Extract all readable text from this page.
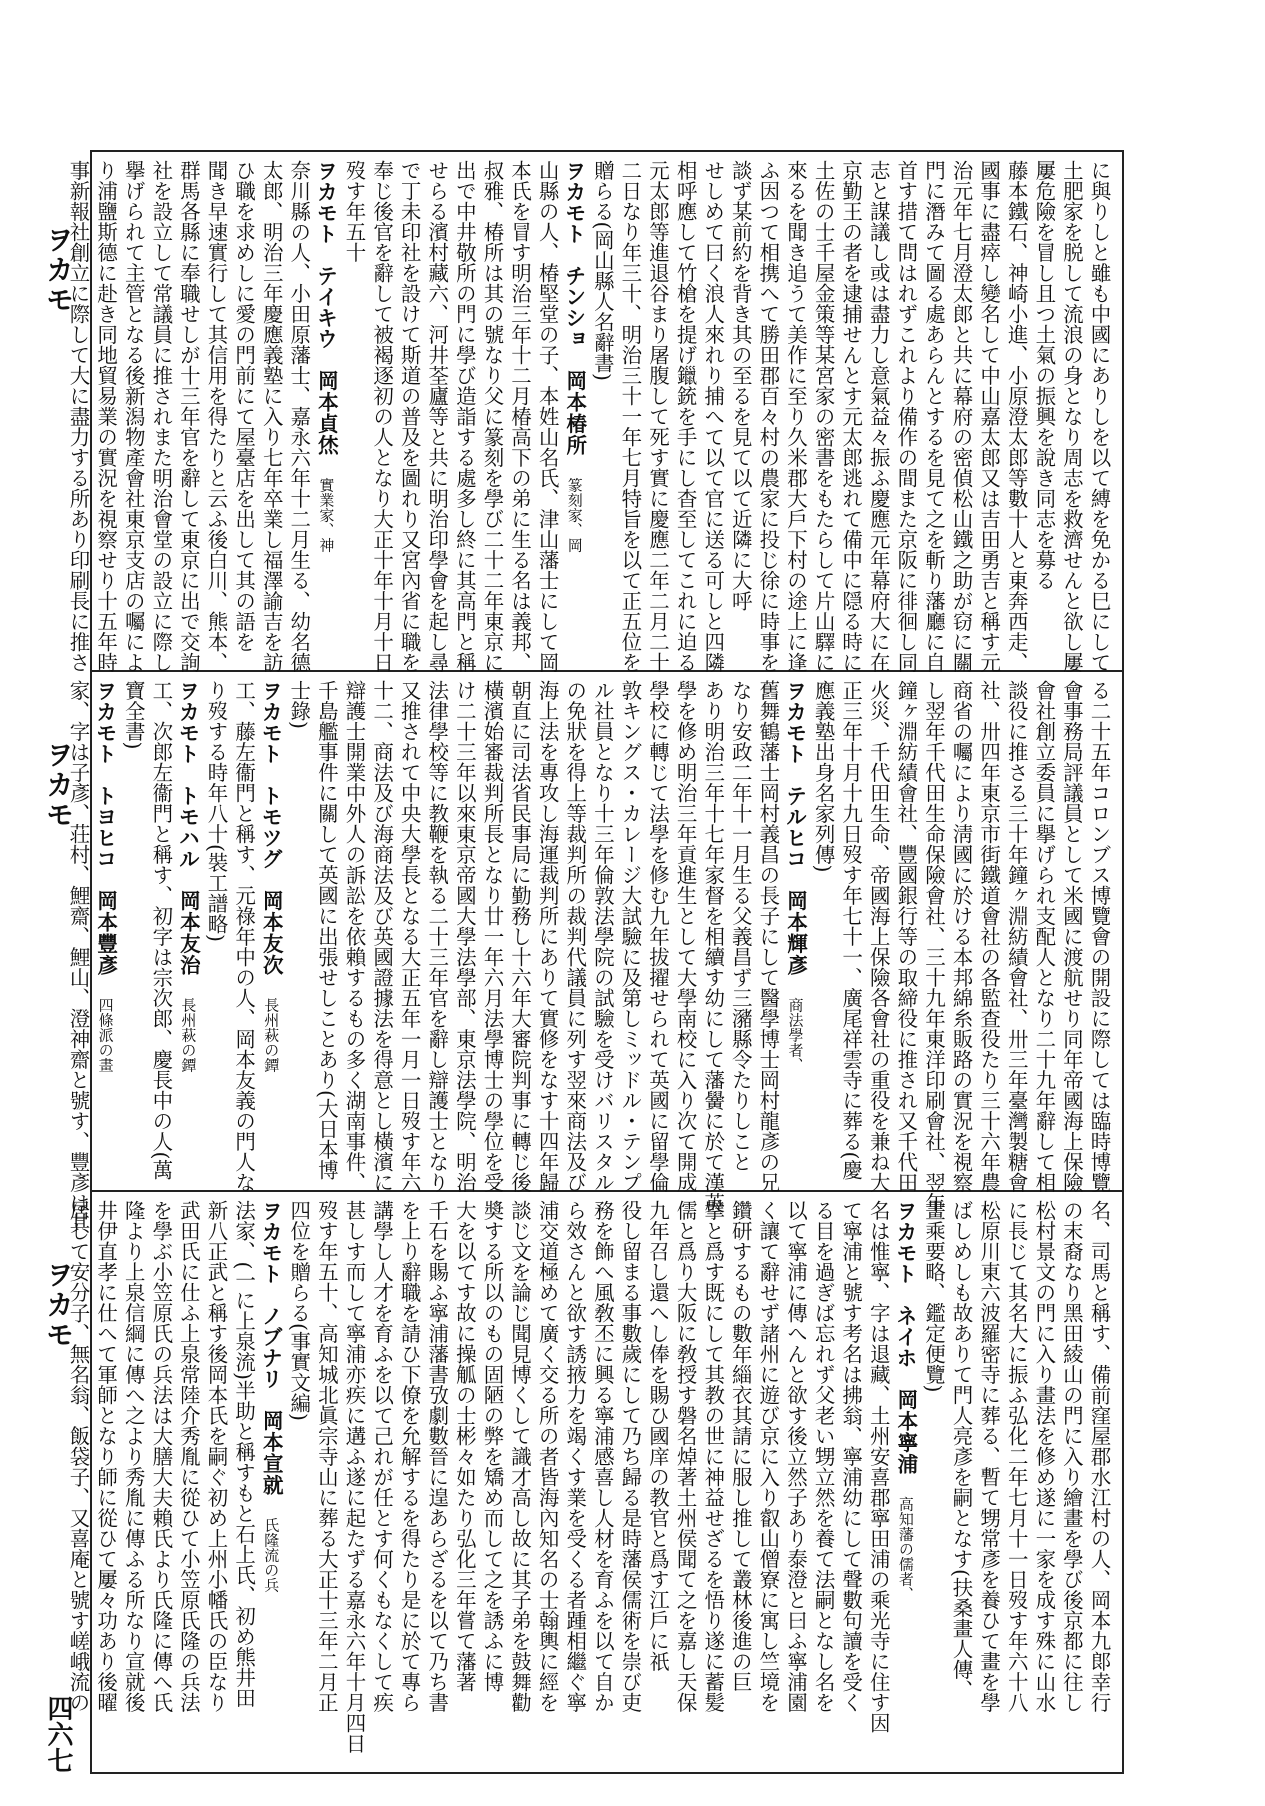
ヲカモ
ヲカモ
ヲカモ
四六七
に與りしと雖も中國にありしを以て縛を免かる巳にして
土肥家を脱して流浪の身となり周志を救濟せんと欲し屢
屢危險を冒し且つ土氣の振興を說き同志を募る
藤本鐵石、神崎小進、小原澄太郎等數十人と東奔西走、
國事に盡瘁し變名して中山嘉太郎又は吉田勇吉と稱す元
治元年七月澄太郎と共に幕府の密偵松山鐵之助が窃に關
門に潛みて圖る處あらんとするを見て之を斬り藩廳に自
首す措て問はれずこれより備作の間また京阪に徘徊し同
志と謀議し或は盡力し意氣益々振ふ慶應元年幕府大に在
京勤王の者を逮捕せんとす元太郎逃れて備中に隠る時に
土佐の士千屋金策等某宮家の密書をもたらして片山驛に
來るを聞き追うて美作に至り久米郡大戶下村の途上に逢
ふ因つて相携へて勝田郡百々村の農家に投じ徐に時事を
談ず某前約を背き其の至るを見て以て近隣に大呼
せしめて曰く浪人來れり捕へて以て官に送る可しと四隣
相呼應して竹槍を提げ鑞銃を手にし杳至してこれに迫る
元太郎等進退谷まり屠腹して死す實に慶應二年二月二十
二日なり年三十、明治三十一年七月特旨を以て正五位を
贈らる(岡山縣人名辭書)
ヲカモト　チンショ　岡本椿所　篆刻家、岡
山縣の人、椿堅堂の子、本姓山名氏、津山藩士にして岡
本氏を冒す明治三年十二月椿高下の弟に生る名は義邦、
叔雅、椿所は其の號なり父に篆刻を學び二十二年東京に
出で中井敬所の門に學び造詣する處多し終に其高門と稱
せらる濱村藏六、河井荃廬等と共に明治印學會を起し尋
で丁未印社を設けて斯道の普及を圖れり又宮內省に職を
奉じ後官を辭して被褐逐初の人となり大正十年十月十日
歿す年五十
ヲカモト　テイキウ　岡本貞烋　實業家、神
奈川縣の人、小田原藩士、嘉永六年十二月生る、幼名德
太郎、明治三年慶應義塾に入り七年卒業し福澤諭吉を訪
ひ職を求めしに愛の門前にて屋臺店を出して其の語を
聞き早速實行して其信用を得たりと云ふ後白川、熊本、
群馬各縣に奉職せしが十三年官を辭して東京に出で交詢
社を設立して常議員に推されまた明治會堂の設立に際し
擧げられて主管となる後新潟物產會社東京支店の囑によ
り浦鹽斯德に赴き同地貿易業の實況を視察せり十五年時
事新報社創立に際して大に盡力する所あり印刷長に推さ
る二十五年コロンブス博覽會の開設に際しては臨時博覽
會事務局評議員として米國に渡航せり同年帝國海上保險
會社創立委員に擧げられ支配人となり二十九年辭して相
談役に推さる三十年鐘ヶ淵紡績會社、卅三年臺灣製糖會
社、卅四年東京市街鐵道會社の各監查役たり三十六年農
商省の囑により淸國に於ける本邦綿糸販路の實況を視察
し翌年千代田生命保險會社、三十九年東洋印刷會社、翌年
鐘ヶ淵紡績會社、豐國銀行等の取締役に推され又千代田
火災、千代田生命、帝國海上保險各會社の重役を兼ね大
正三年十月十九日歿す年七十一、廣尾祥雲寺に葬る(慶
應義塾出身名家列傳)
ヲカモト　テルヒコ　岡本輝彥　商法學者、
舊舞鶴藩士岡村義昌の長子にして醫學博士岡村龍彥の兄
なり安政二年十一月生る父義昌ず三瀦縣令たりしこと
あり明治三年十七年家督を相續す幼にして藩黌に於て漢英
學を修め明治三年貢進生として大學南校に入り次て開成
學校に轉じて法學を修む九年拔擢せられて英國に留學倫
敦キングス・カレージ大試驗に及第しミッドル・テンプ
ル社員となり十三年倫敦法學院の試驗を受けバリスタル
の免狀を得上等裁判所の裁判代議員に列す翌來商法及び
海上法を專攻し海運裁判所にありて實修をなす十四年歸
朝直に司法省民事局に勤務し十六年大審院判事に轉じ後
橫濱始審裁判所長となり廿一年六月法學博士の學位を受
け二十三年以來東京帝國大學法學部、東京法學院、明治
法律學校等に教鞭を執る二十三年官を辭し辯護士となり
又推されて中央大學長となる大正五年一月一日歿す年六
十二、商法及び海商法及び英國證據法を得意とし橫濱に
辯護士開業中外人の訴訟を依賴するもの多く湖南事件、
千島艦事件に關して英國に出張せしことあり(大日本博
士錄)
ヲカモト　トモツグ　岡本友次　長州萩の鐔
工、藤左衞門と稱す、元祿年中の人、岡本友義の門人な
り歿する時年八十(裝工譜略)
ヲカモト　トモハル　岡本友治　長州萩の鐔
工、次郎左衞門と稱す、初字は宗次郎、慶長中の人(萬
寶全書)
ヲカモト　トヨヒコ　岡本豐彥　四條派の畫
家、字は子彥、荘村、鯉齋、鯉山、澄神齋と號す、豐彥は其
名、司馬と稱す、備前窪屋郡水江村の人、岡本九郞幸行
の末裔なり黑田綾山の門に入り繪畫を學び後京都に往し
松村景文の門に入り畫法を修め遂に一家を成す殊に山水
に長じて其名大に振ふ弘化二年七月十一日歿す年六十八
松原川東六波羅密寺に葬る、暫て甥常彥を養ひて畫を學
ばしめしも故ありて門人亮彥を嗣となす(扶桑畫人傳、
畫乘要略、鑑定便覽)
ヲカモト　ネイホ　岡本寧浦　高知藩の儒者、
名は惟寧、字は退藏、土州安喜郡寧田浦の乘光寺に住す因
て寧浦と號す考名は拂翁、寧浦幼にして聲數句讀を受く
る目を過ぎば忘れず父老い甥立然を養て法嗣となし名を
以て寧浦に傳へんと欲す後立然子あり泰澄と曰ふ寧浦園
く讓て辭せず諸州に遊び京に入り叡山僧寮に寓し竺境を
鑽研するもの數年緇衣其請に服し推して叢林後進の巨
擘と爲す既にして其教の世に神益せざるを悟り遂に蓄髪
儒と爲り大阪に敎授す磐名焯著土州侯聞て之を嘉し天保
九年召し還へし俸を賜ひ國庠の教官と爲す江戶に祇
役し留まる事數歲にして乃ち歸る是時藩侯儒術を崇び吏
務を飾へ風敎丕に興る寧浦感喜し人材を育ふを以て自か
ら效さんと欲す誘掖力を竭くす業を受くる者踵相繼ぐ寧
浦交道極めて廣く交る所の者皆海內知名の士翰輿に經を
談じ文を論じ聞見博くして識才高し故に其子弟を鼓舞勸
奬する所以のもの固陋の弊を矯め而して之を誘ふに博
大を以てす故に操觚の士彬々如たり弘化三年嘗て藩著
千石を賜ふ寧浦藩書攷劇數晉に遑あらざるを以て乃ち書
を上り辭職を請ひ下僚を允解するを得たり是に於て專ら
講學し人才を育ふを以て己れが任とす何くもなくして疾
甚しす而して寧浦亦疾に遘ふ遂に起たずる嘉永六年十月四日
歿す年五十、高知城北眞宗寺山に葬る大正十三年二月正
四位を贈らる(事實文編)
ヲカモト　ノブナリ　岡本宣就　氏隆流の兵
法家、(一に上泉流)半助と稱すもと石上氏、初め熊井田
新八正武と稱す後岡本氏を嗣ぐ初め上州小幡氏の臣なり
武田氏に仕ふ上泉常陸介秀胤に從ひて小笠原氏隆の兵法
を學ぶ小笠原氏の兵法は大膳大夫賴氏より氏隆に傳へ氏
隆より上泉信綱に傳へ之より秀胤に傳ふる所なり宣就後
井伊直孝に仕へて軍師となり師に從ひて屢々功あり後曜
居して安分子、無名翁、飯袋子、又喜庵と號す嵯峨流の
